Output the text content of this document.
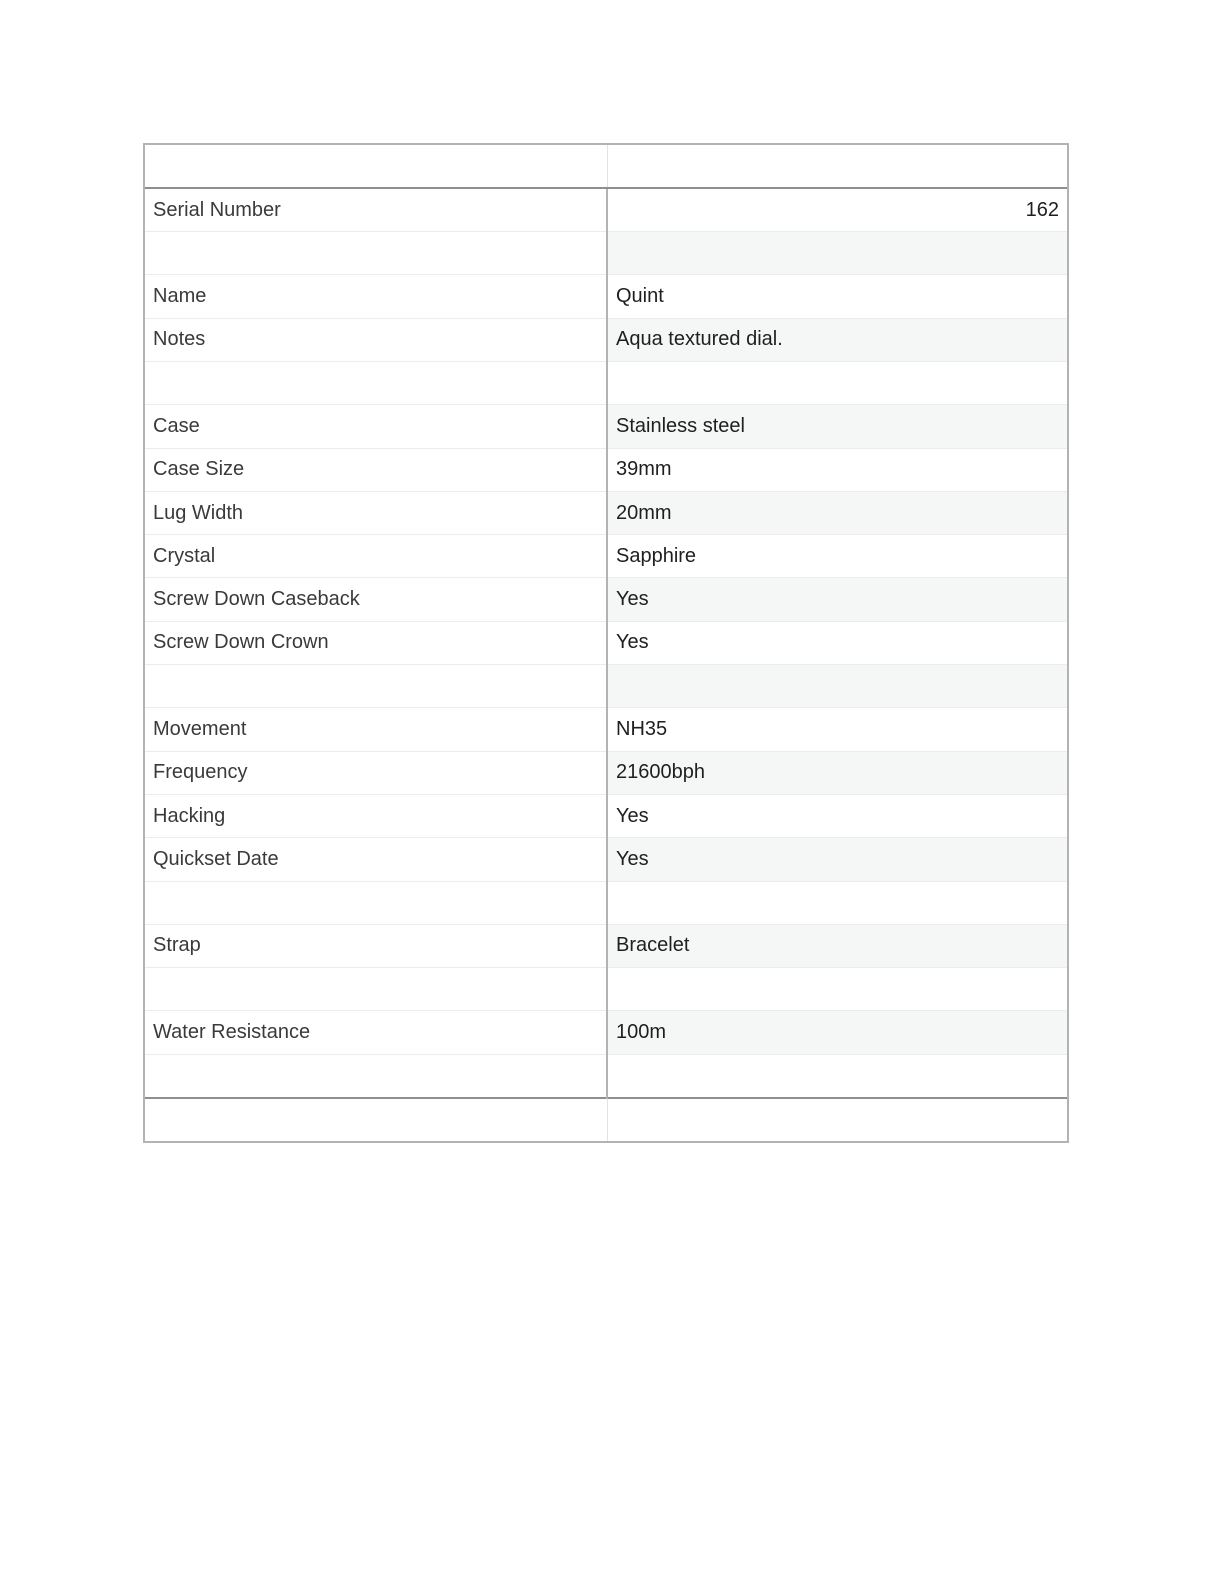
Serial Number	162

Name	Quint
Notes	Aqua textured dial.

Case	Stainless steel
Case Size	39mm
Lug Width	20mm
Crystal	Sapphire
Screw Down Caseback	Yes
Screw Down Crown	Yes

Movement	NH35
Frequency	21600bph
Hacking	Yes
Quickset Date	Yes

Strap	Bracelet

Water Resistance	100m
